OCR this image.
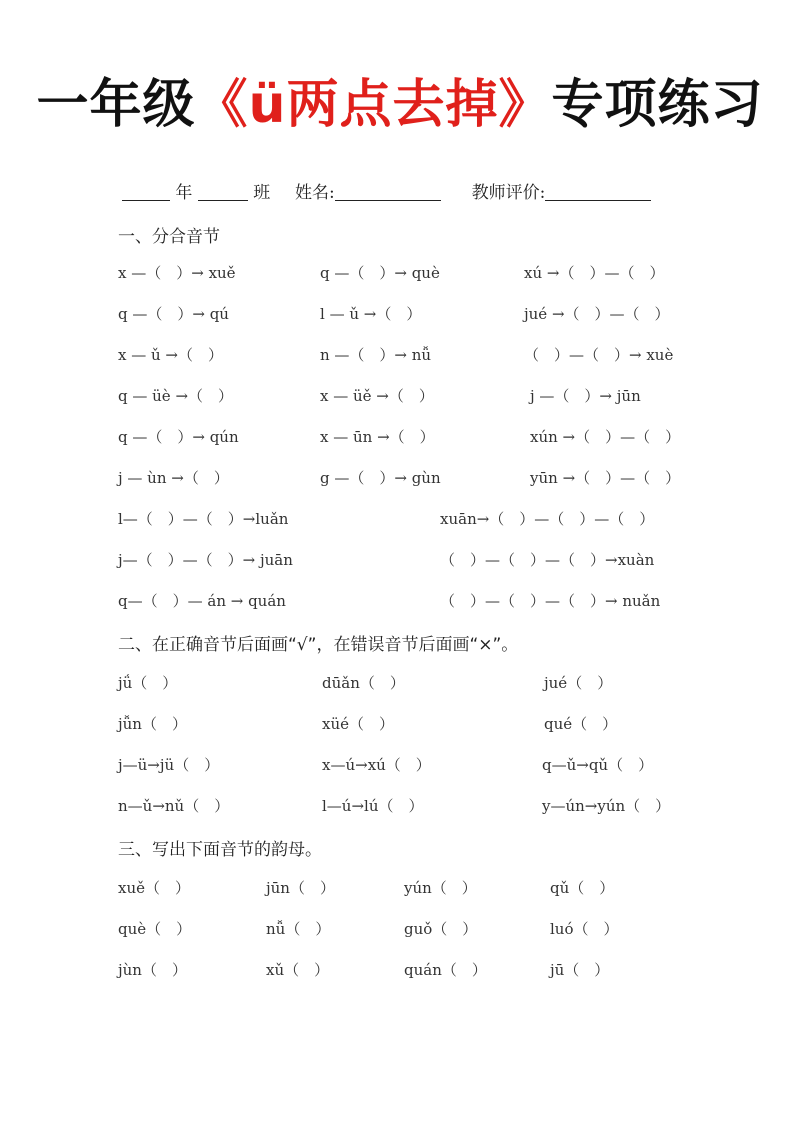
一年级《ü两点去掉》专项练习
年	班 姓名:	教师评价:
一、分合音节
二、在正确音节后面画“√”，在错误音节后面画“×”。
三、写出下面音节的韵母。
x —（　）→ xuě	q —（　）→ què	xú →（　）—（　）
q —（　）→ qú	l — ǔ →（　）	jué →（　）—（　）
x — ǔ →（　）	n —（　）→ nǚ	（　）—（　）→ xuè
q — üè →（　）	x — üě →（　）	j —（　）→ jūn
q —（　）→ qún	x — ūn →（　）	xún →（　）—（　）
j — ùn →（　）	g —（　）→ gùn	yūn →（　）—（　）
l—（　）—（　）→luǎn	xuān→（　）—（　）—（　）
j—（　）—（　）→ juān	（　）—（　）—（　）→xuàn
q—（　）— án → quán	（　）—（　）—（　）→ nuǎn
jǘ（　）	dūǎn（　）	jué（　）
jǚn（　）	xüé（　）	qué（　）
j—ü→jü（　）	x—ú→xú（　）	q—ǔ→qǔ（　）
n—ǔ→nǔ（　）	l—ú→lú（　）	y—ún→yún（　）
xuě（　）	jūn（　）	yún（　）	qǔ（　）
què（　）	nǚ（　）	guǒ（　）	luó（　）
jùn（　）	xǔ（　）	quán（　）	jū（　）
